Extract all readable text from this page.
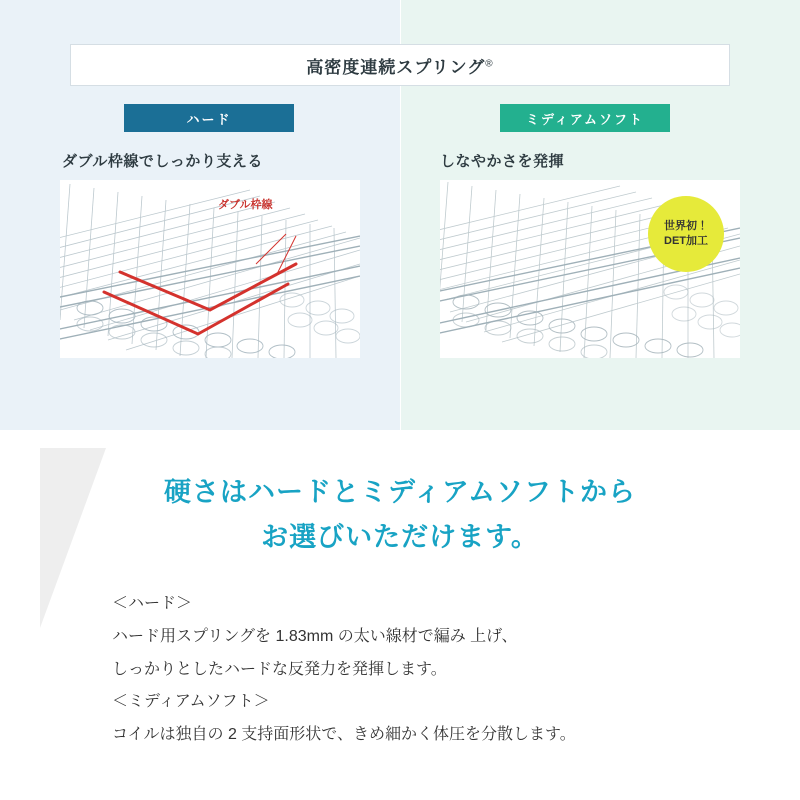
高密度連続スプリング®
ハード	ミディアムソフト
ダブル枠線でしっかり支える	しなやかさを発揮
ダブル枠線
世界初！
DET加工
硬さはハードとミディアムソフトから
お選びいただけます。
＜ハード＞
ハード用スプリングを 1.83mm の太い線材で編み 上げ、
しっかりとしたハードな反発力を発揮します。
＜ミディアムソフト＞
コイルは独自の 2 支持面形状で、きめ細かく体圧を分散します。
